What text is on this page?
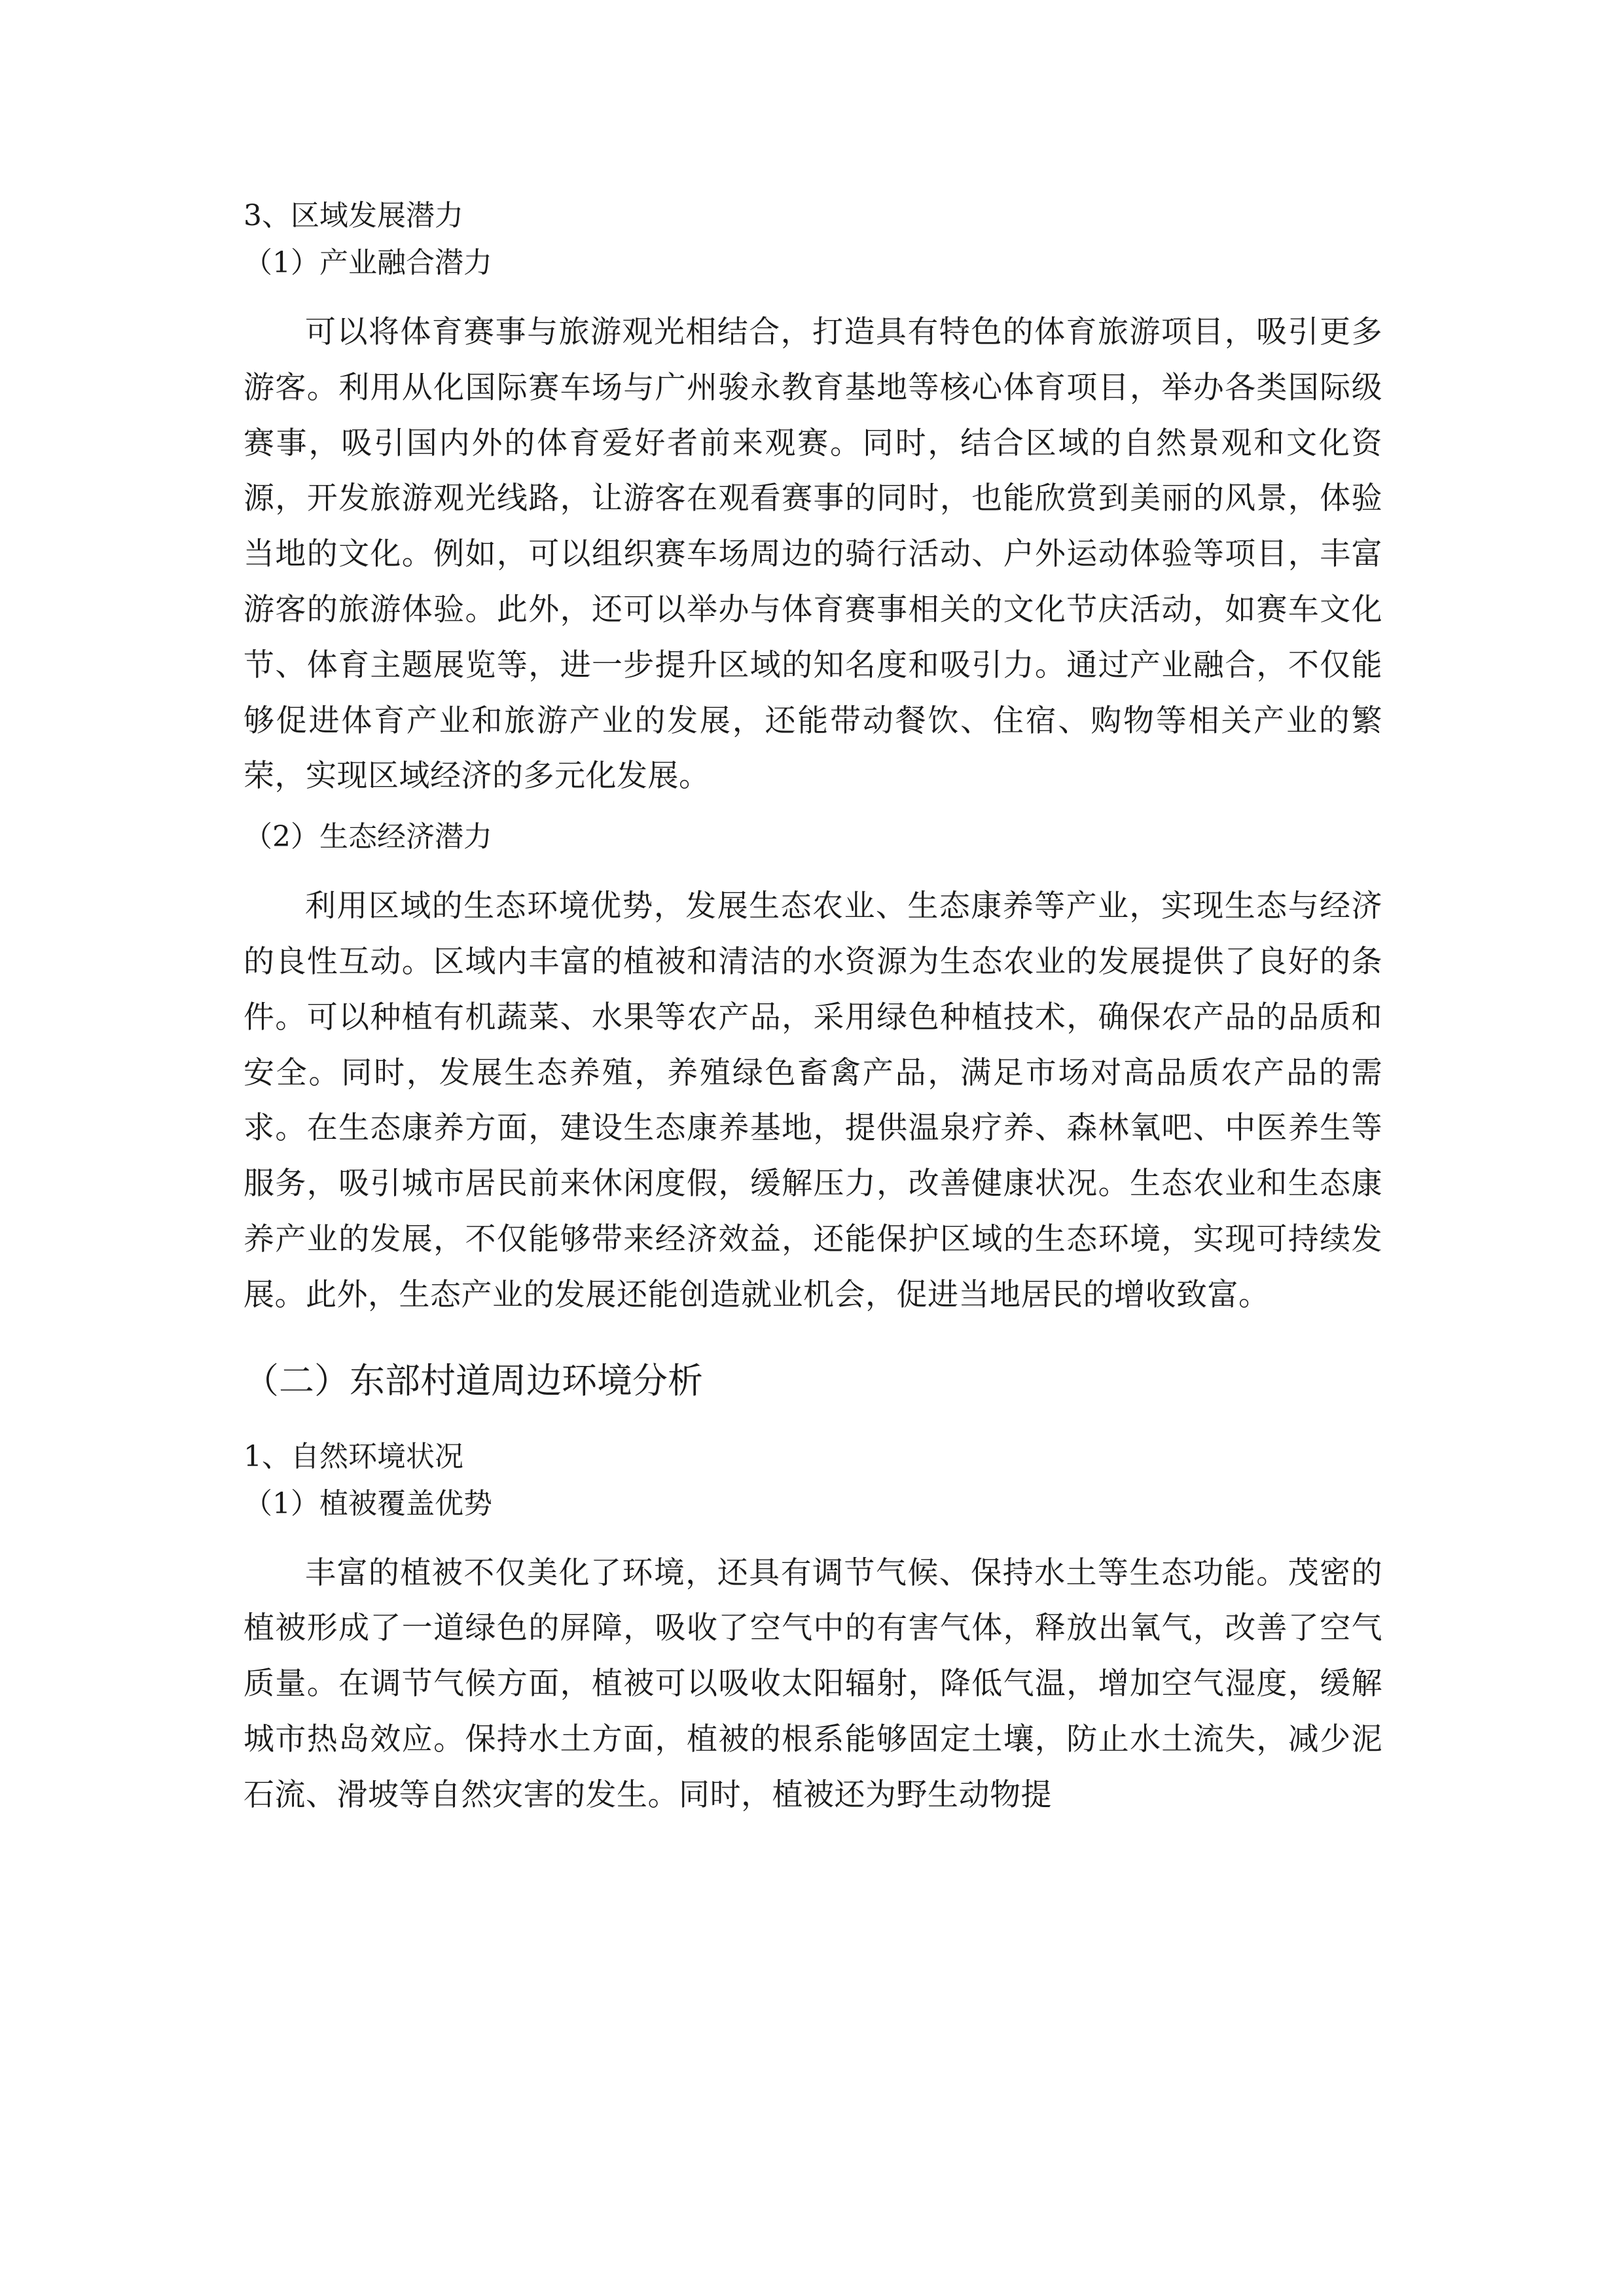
3、区域发展潜力
（1）产业融合潜力

可以将体育赛事与旅游观光相结合，打造具有特色的体育旅游项目，吸引更多游客。利用从化国际赛车场与广州骏永教育基地等核心体育项目，举办各类国际级赛事，吸引国内外的体育爱好者前来观赛。同时，结合区域的自然景观和文化资源，开发旅游观光线路，让游客在观看赛事的同时，也能欣赏到美丽的风景，体验当地的文化。例如，可以组织赛车场周边的骑行活动、户外运动体验等项目，丰富游客的旅游体验。此外，还可以举办与体育赛事相关的文化节庆活动，如赛车文化节、体育主题展览等，进一步提升区域的知名度和吸引力。通过产业融合，不仅能够促进体育产业和旅游产业的发展，还能带动餐饮、住宿、购物等相关产业的繁荣，实现区域经济的多元化发展。

（2）生态经济潜力

利用区域的生态环境优势，发展生态农业、生态康养等产业，实现生态与经济的良性互动。区域内丰富的植被和清洁的水资源为生态农业的发展提供了良好的条件。可以种植有机蔬菜、水果等农产品，采用绿色种植技术，确保农产品的品质和安全。同时，发展生态养殖，养殖绿色畜禽产品，满足市场对高品质农产品的需求。在生态康养方面，建设生态康养基地，提供温泉疗养、森林氧吧、中医养生等服务，吸引城市居民前来休闲度假，缓解压力，改善健康状况。生态农业和生态康养产业的发展，不仅能够带来经济效益，还能保护区域的生态环境，实现可持续发展。此外，生态产业的发展还能创造就业机会，促进当地居民的增收致富。

（二）东部村道周边环境分析
1、自然环境状况
（1）植被覆盖优势

丰富的植被不仅美化了环境，还具有调节气候、保持水土等生态功能。茂密的植被形成了一道绿色的屏障，吸收了空气中的有害气体，释放出氧气，改善了空气质量。在调节气候方面，植被可以吸收太阳辐射，降低气温，增加空气湿度，缓解城市热岛效应。保持水土方面，植被的根系能够固定土壤，防止水土流失，减少泥石流、滑坡等自然灾害的发生。同时，植被还为野生动物提
